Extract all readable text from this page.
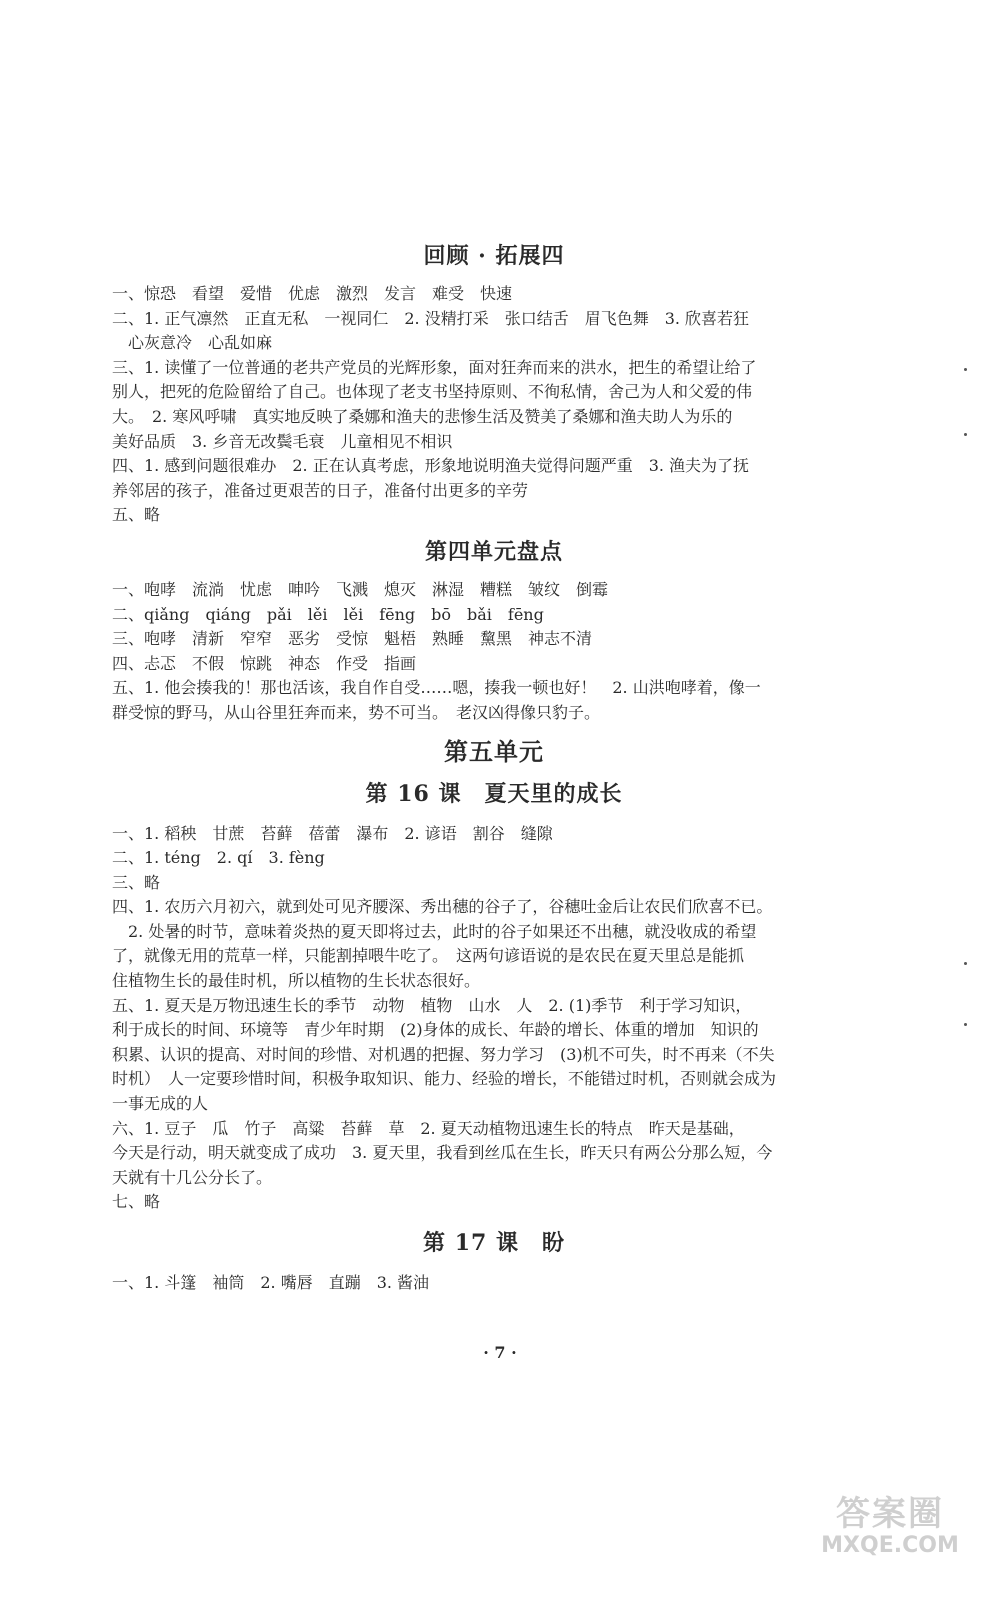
回顾 · 拓展四

一、惊恐　看望　爱惜　优虑　激烈　发言　难受　快速

二、1. 正气凛然　正直无私　一视同仁　2. 没精打采　张口结舌　眉飞色舞　3. 欣喜若狂

心灰意冷　心乱如麻

三、1. 读懂了一位普通的老共产党员的光辉形象，面对狂奔而来的洪水，把生的希望让给了

别人，把死的危险留给了自己。也体现了老支书坚持原则、不徇私情，舍己为人和父爱的伟

大。　2. 寒风呼啸　真实地反映了桑娜和渔夫的悲惨生活及赞美了桑娜和渔夫助人为乐的

美好品质　3. 乡音无改鬓毛衰　儿童相见不相识

四、1. 感到问题很难办　2. 正在认真考虑，形象地说明渔夫觉得问题严重　3. 渔夫为了抚

养邻居的孩子，准备过更艰苦的日子，准备付出更多的辛劳

五、略

第四单元盘点

一、咆哮　流淌　忧虑　呻吟　飞溅　熄灭　淋湿　糟糕　皱纹　倒霉

二、qiǎng　qiáng　pǎi　lěi　lěi　fēng　bō　bǎi　fēng

三、咆哮　清新　窄窄　恶劣　受惊　魁梧　熟睡　黧黑　神志不清

四、忐忑　不假　惊跳　神态　作受　指画

五、1. 他会揍我的！那也活该，我自作自受……嗯，揍我一顿也好！　2. 山洪咆哮着，像一

群受惊的野马，从山谷里狂奔而来，势不可当。　老汉凶得像只豹子。

第五单元
第 16 课　夏天里的成长

一、1. 稻秧　甘蔗　苔藓　蓓蕾　瀑布　2. 谚语　割谷　缝隙

二、1. téng　2. qí　3. fèng

三、略

四、1. 农历六月初六，就到处可见齐腰深、秀出穗的谷子了，谷穗吐金后让农民们欣喜不已。

2. 处暑的时节，意味着炎热的夏天即将过去，此时的谷子如果还不出穗，就没收成的希望

了，就像无用的荒草一样，只能割掉喂牛吃了。　这两句谚语说的是农民在夏天里总是能抓

住植物生长的最佳时机，所以植物的生长状态很好。

五、1. 夏天是万物迅速生长的季节　动物　植物　山水　人　2. (1)季节　利于学习知识，

利于成长的时间、环境等　青少年时期　(2)身体的成长、年龄的增长、体重的增加　知识的

积累、认识的提高、对时间的珍惜、对机遇的把握、努力学习　(3)机不可失，时不再来（不失

时机）　人一定要珍惜时间，积极争取知识、能力、经验的增长，不能错过时机，否则就会成为

一事无成的人

六、1. 豆子　瓜　竹子　高粱　苔藓　草　2. 夏天动植物迅速生长的特点　昨天是基础，

今天是行动，明天就变成了成功　3. 夏天里，我看到丝瓜在生长，昨天只有两公分那么短，今

天就有十几公分长了。

七、略

第 17 课　盼

一、1. 斗篷　袖筒　2. 嘴唇　直蹦　3. 酱油

· 7 ·
答案圈
MXQE.COM
